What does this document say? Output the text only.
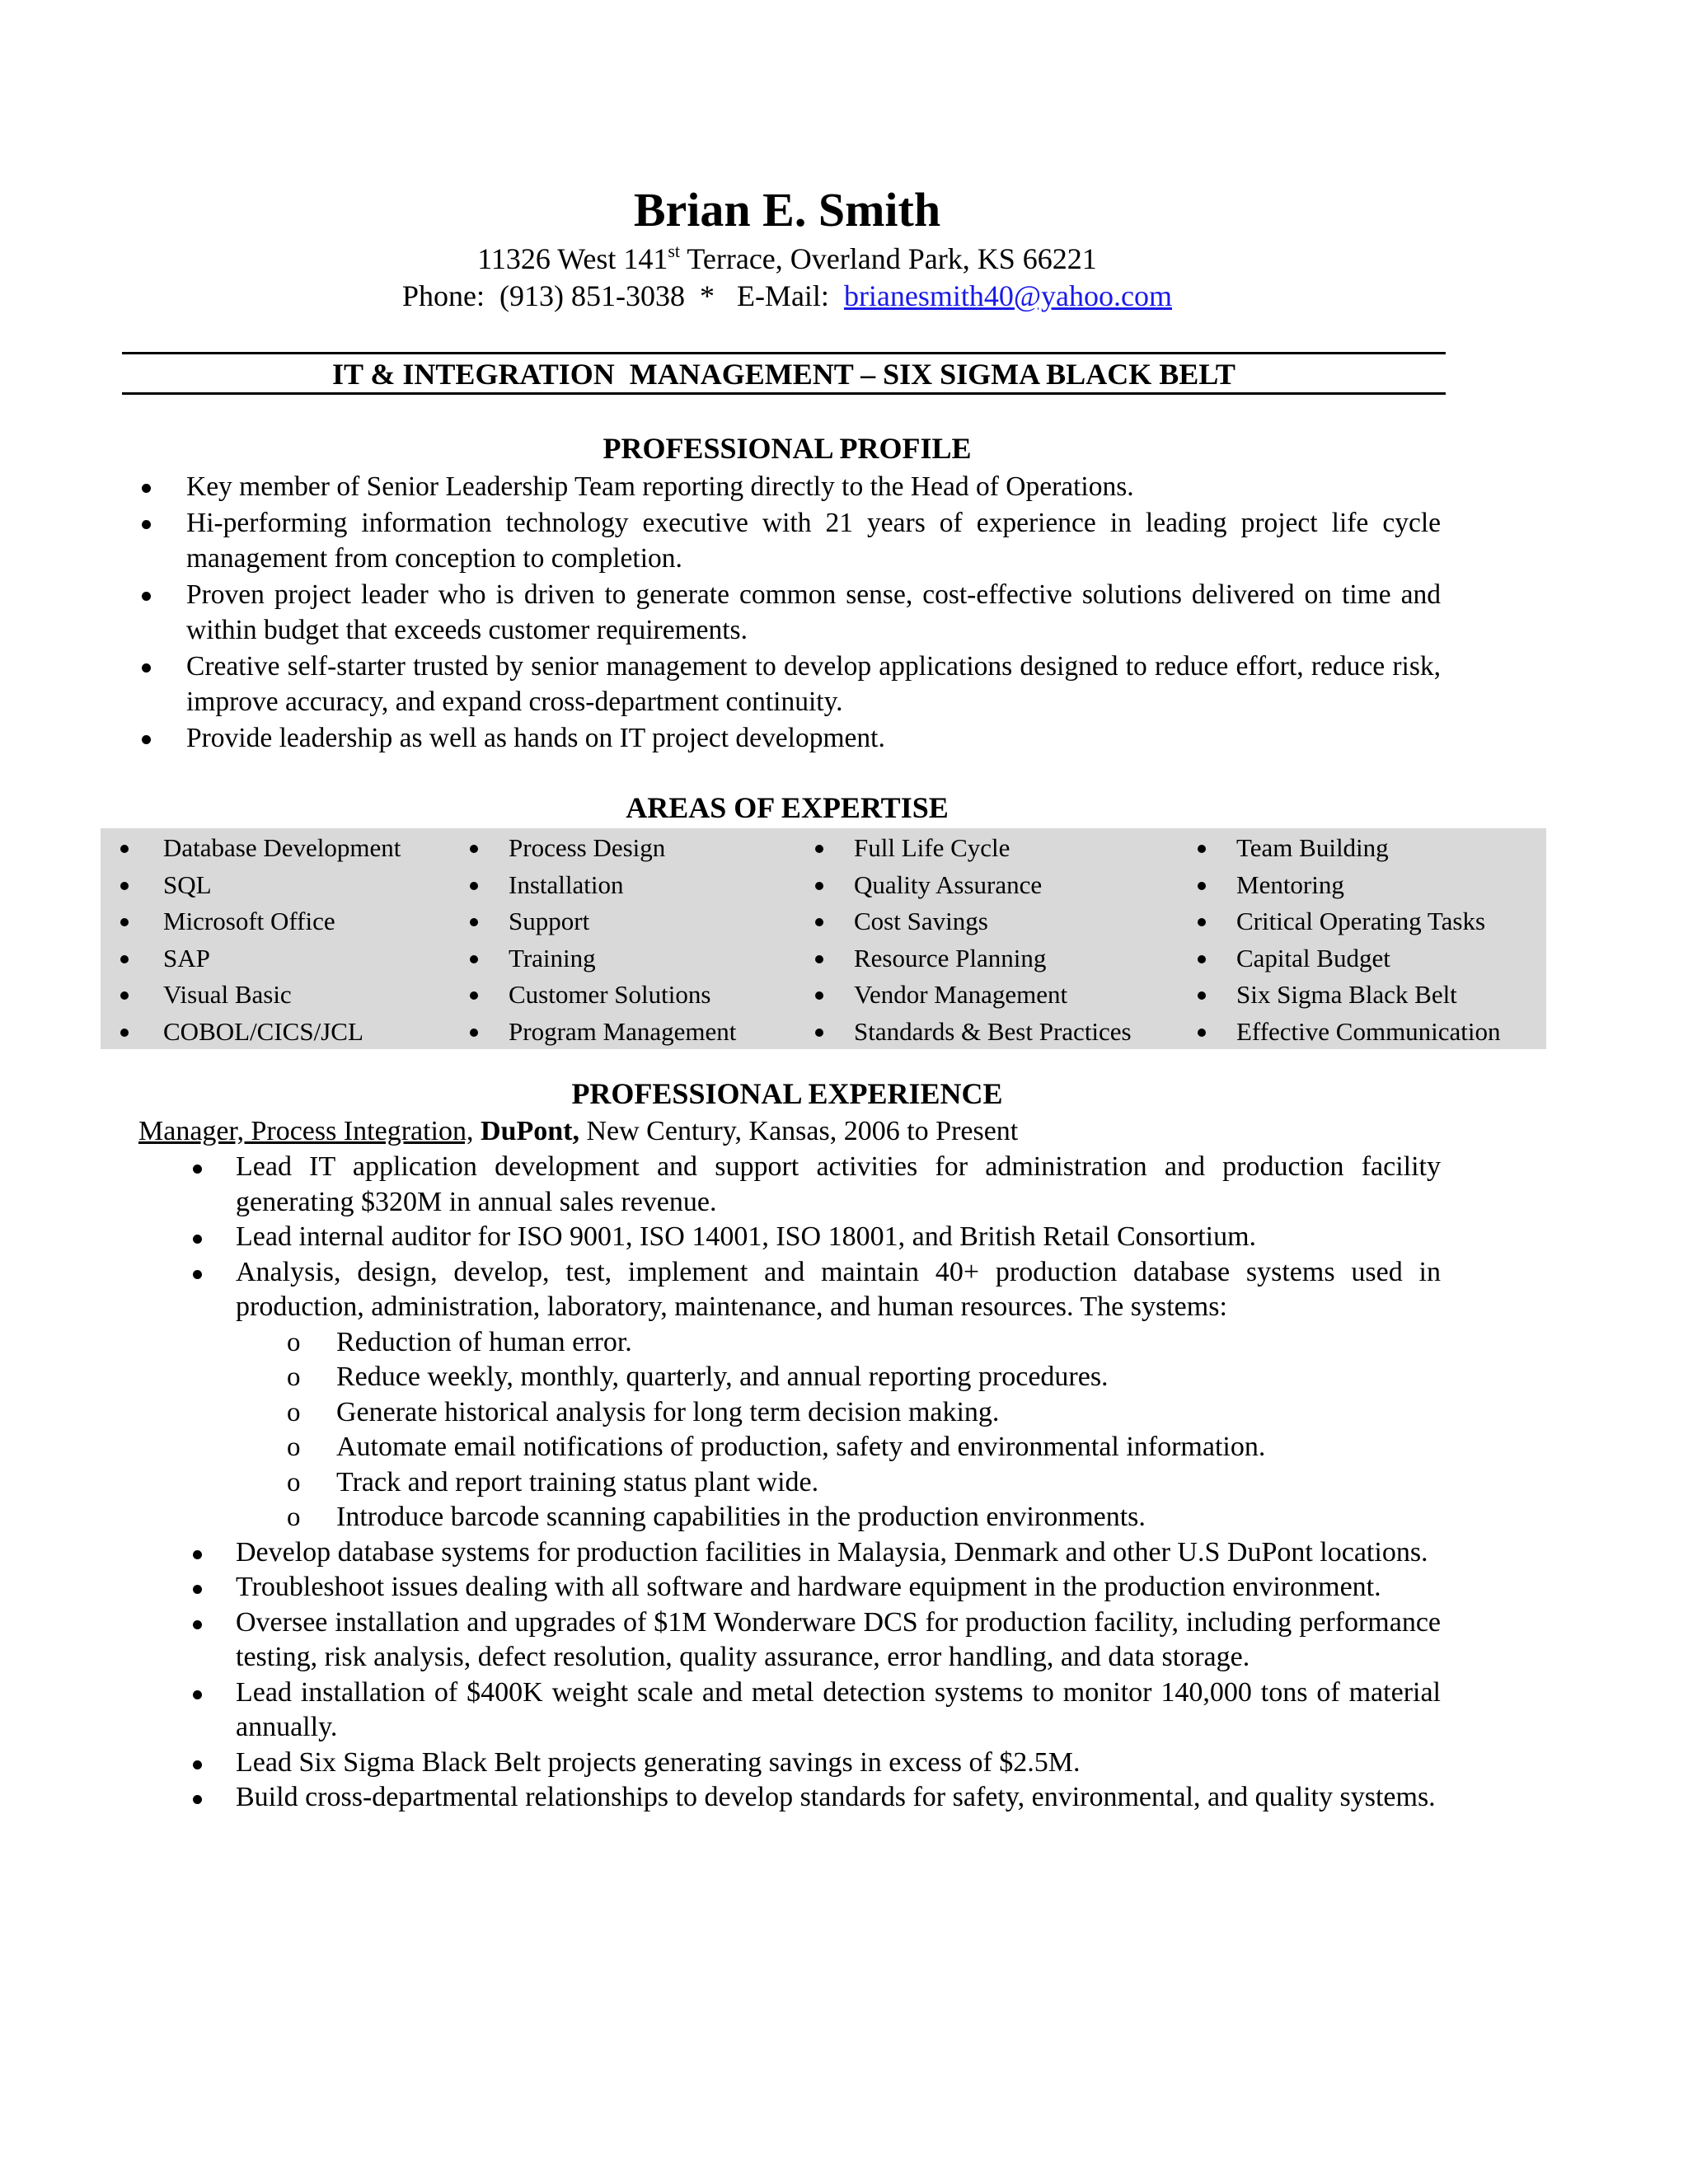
Brian E. Smith
11326 West 141st Terrace, Overland Park, KS 66221
Phone:  (913) 851-3038  *   E-Mail:  brianesmith40@yahoo.com
IT & INTEGRATION  MANAGEMENT – SIX SIGMA BLACK BELT
PROFESSIONAL PROFILE
Key member of Senior Leadership Team reporting directly to the Head of Operations.
Hi-performing information technology executive with 21 years of experience in leading project life cycle management from conception to completion.
Proven project leader who is driven to generate common sense, cost-effective solutions delivered on time and within budget that exceeds customer requirements.
Creative self-starter trusted by senior management to develop applications designed to reduce effort, reduce risk, improve accuracy, and expand cross-department continuity.
Provide leadership as well as hands on IT project development.
AREAS OF EXPERTISE
Database Development
SQL
Microsoft Office
SAP
Visual Basic
COBOL/CICS/JCL
Process Design
Installation
Support
Training
Customer Solutions
Program Management
Full Life Cycle
Quality Assurance
Cost Savings
Resource Planning
Vendor Management
Standards & Best Practices
Team Building
Mentoring
Critical Operating Tasks
Capital Budget
Six Sigma Black Belt
Effective Communication
PROFESSIONAL EXPERIENCE
Manager, Process Integration, DuPont, New Century, Kansas, 2006 to Present
Lead IT application development and support activities for administration and production facility generating $320M in annual sales revenue.
Lead internal auditor for ISO 9001, ISO 14001, ISO 18001, and British Retail Consortium.
Analysis, design, develop, test, implement and maintain 40+ production database systems used in production, administration, laboratory, maintenance, and human resources. The systems:
o Reduction of human error.
o Reduce weekly, monthly, quarterly, and annual reporting procedures.
o Generate historical analysis for long term decision making.
o Automate email notifications of production, safety and environmental information.
o Track and report training status plant wide.
o Introduce barcode scanning capabilities in the production environments.
Develop database systems for production facilities in Malaysia, Denmark and other U.S DuPont locations.
Troubleshoot issues dealing with all software and hardware equipment in the production environment.
Oversee installation and upgrades of $1M Wonderware DCS for production facility, including performance testing, risk analysis, defect resolution, quality assurance, error handling, and data storage.
Lead installation of $400K weight scale and metal detection systems to monitor 140,000 tons of material annually.
Lead Six Sigma Black Belt projects generating savings in excess of $2.5M.
Build cross-departmental relationships to develop standards for safety, environmental, and quality systems.
